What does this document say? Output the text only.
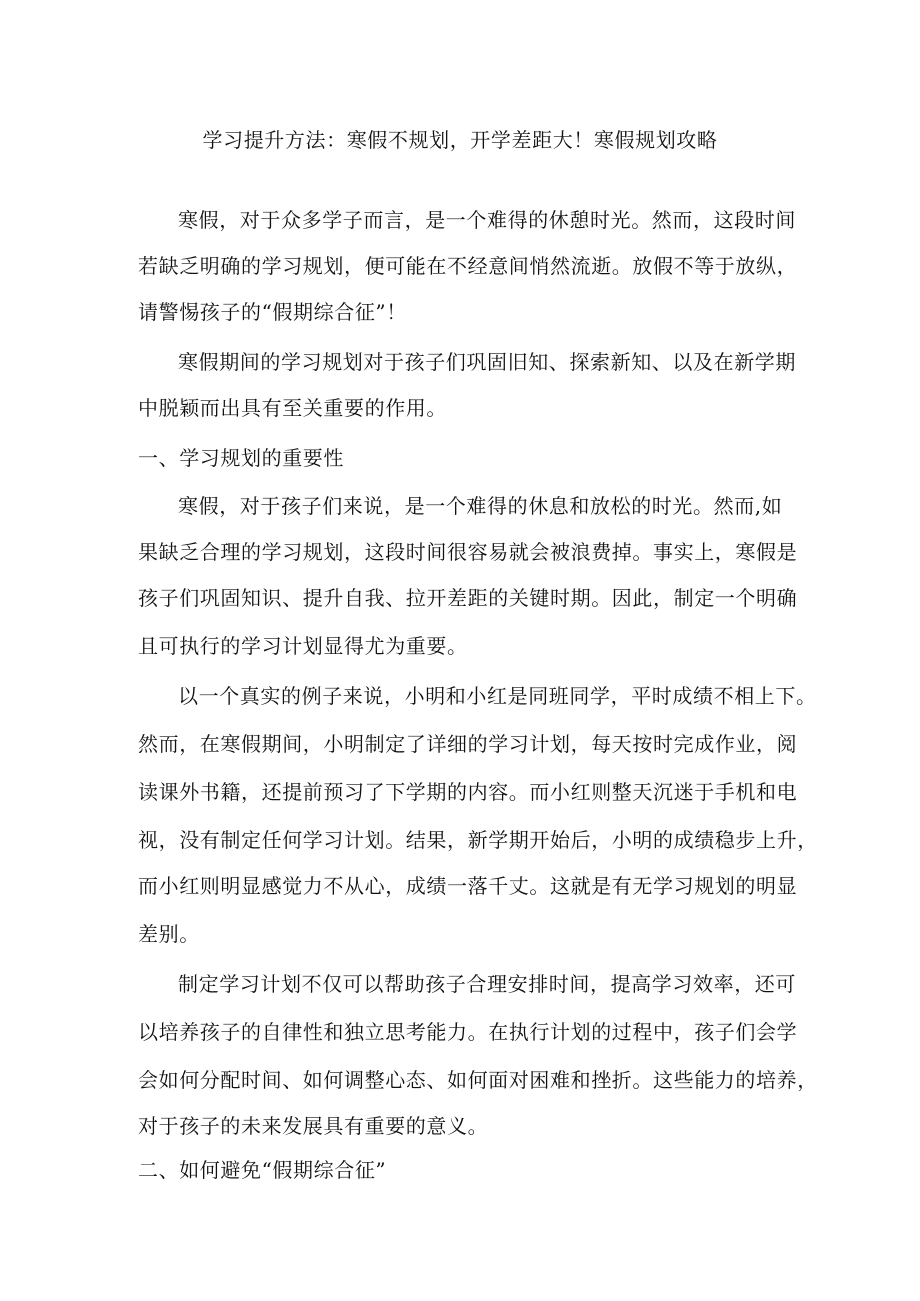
学习提升方法：寒假不规划，开学差距大！寒假规划攻略

寒假，对于众多学子而言，是一个难得的休憩时光。然而，这段时间

若缺乏明确的学习规划，便可能在不经意间悄然流逝。放假不等于放纵，

请警惕孩子的“假期综合征”！

寒假期间的学习规划对于孩子们巩固旧知、探索新知、以及在新学期

中脱颖而出具有至关重要的作用。

一、学习规划的重要性

寒假，对于孩子们来说，是一个难得的休息和放松的时光。然而,如

果缺乏合理的学习规划，这段时间很容易就会被浪费掉。事实上，寒假是

孩子们巩固知识、提升自我、拉开差距的关键时期。因此，制定一个明确

且可执行的学习计划显得尤为重要。

以一个真实的例子来说，小明和小红是同班同学，平时成绩不相上下。

然而，在寒假期间，小明制定了详细的学习计划，每天按时完成作业，阅

读课外书籍，还提前预习了下学期的内容。而小红则整天沉迷于手机和电

视，没有制定任何学习计划。结果，新学期开始后，小明的成绩稳步上升，

而小红则明显感觉力不从心，成绩一落千丈。这就是有无学习规划的明显

差别。

制定学习计划不仅可以帮助孩子合理安排时间，提高学习效率，还可

以培养孩子的自律性和独立思考能力。在执行计划的过程中，孩子们会学

会如何分配时间、如何调整心态、如何面对困难和挫折。这些能力的培养，

对于孩子的未来发展具有重要的意义。

二、如何避免“假期综合征”
